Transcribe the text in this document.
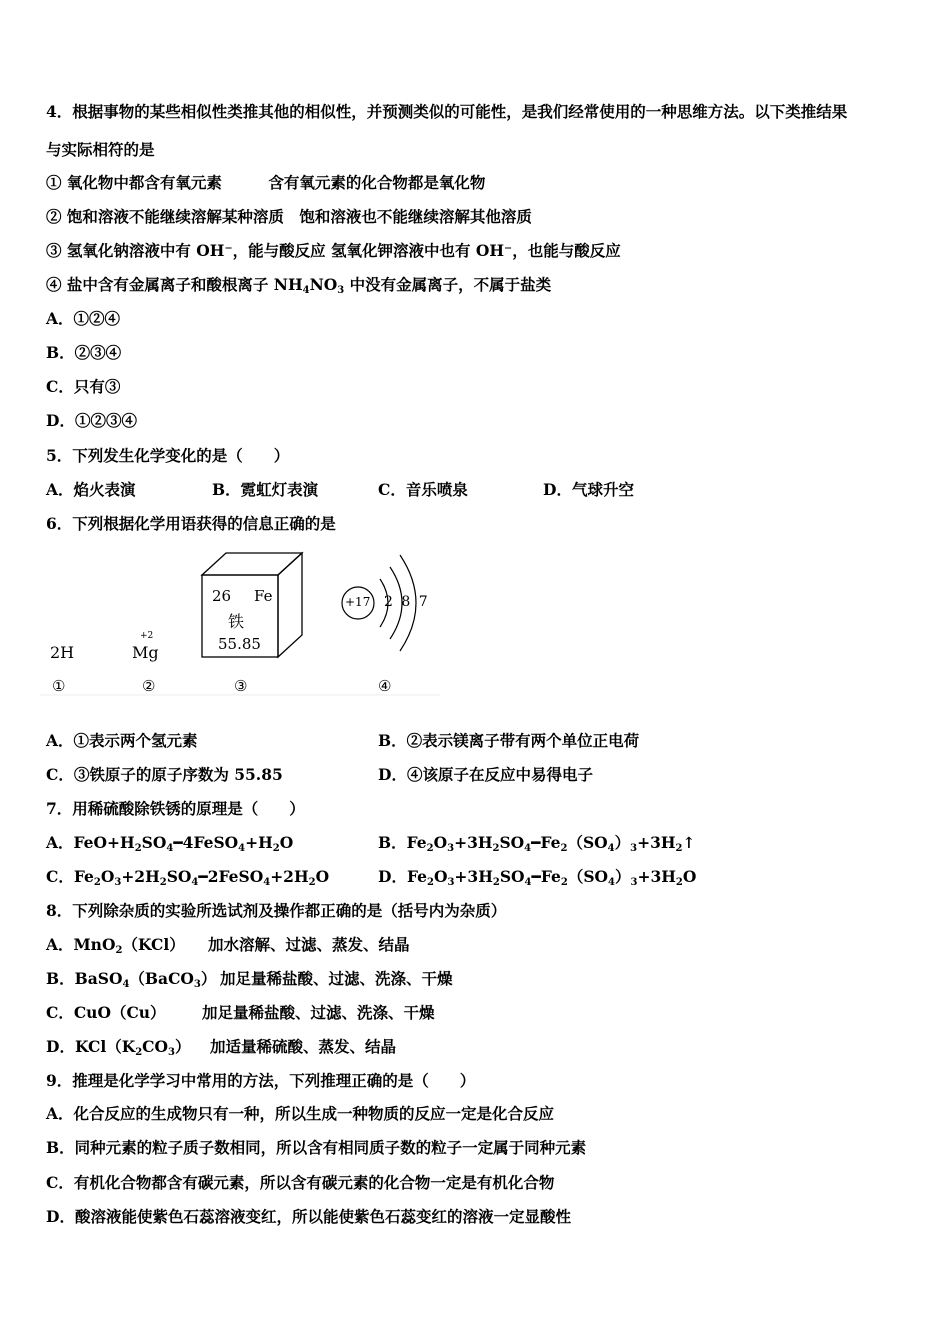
4．根据事物的某些相似性类推其他的相似性，并预测类似的可能性，是我们经常使用的一种思维方法。以下类推结果
与实际相符的是
① 氧化物中都含有氧元素　　　含有氧元素的化合物都是氧化物
② 饱和溶液不能继续溶解某种溶质　饱和溶液也不能继续溶解其他溶质
③ 氢氧化钠溶液中有 OH⁻，能与酸反应 氢氧化钾溶液中也有 OH⁻，也能与酸反应
④ 盐中含有金属离子和酸根离子 $NH_4NO_3$ 中没有金属离子，不属于盐类
A．①②④
B．②③④
C．只有③
D．①②③④
5．下列发生化学变化的是（　　）
A．焰火表演	B．霓虹灯表演	C．音乐喷泉	D．气球升空
6．下列根据化学用语获得的信息正确的是
2H
+2
Mg
26 Fe
铁
55.85
+17 2 8 7
①	②	③	④
A．①表示两个氢元素	B．②表示镁离子带有两个单位正电荷
C．③铁原子的原子序数为 55.85	D．④该原子在反应中易得电子
7．用稀硫酸除铁锈的原理是（　　）
A．$FeO+H_2SO_4━4FeSO_4+H_2O$	B．$Fe_2O_3+3H_2SO_4━Fe_2(SO_4)_3+3H_2↑$
C．$Fe_2O_3+2H_2SO_4━2FeSO_4+2H_2O$	D．$Fe_2O_3+3H_2SO_4━Fe_2(SO_4)_3+3H_2O$
8．下列除杂质的实验所选试剂及操作都正确的是（括号内为杂质）
A．MnO$_2$（KCl） 加水溶解、过滤、蒸发、结晶
B．BaSO$_4$（BaCO$_3$） 加足量稀盐酸、过滤、洗涤、干燥
C．CuO（Cu） 加足量稀盐酸、过滤、洗涤、干燥
D．$KCl(K_2CO_3)$ 加适量稀硫酸、蒸发、结晶
9．推理是化学学习中常用的方法，下列推理正确的是（　　）
A．化合反应的生成物只有一种，所以生成一种物质的反应一定是化合反应
B．同种元素的粒子质子数相同，所以含有相同质子数的粒子一定属于同种元素
C．有机化合物都含有碳元素，所以含有碳元素的化合物一定是有机化合物
D．酸溶液能使紫色石蕊溶液变红，所以能使紫色石蕊变红的溶液一定显酸性
